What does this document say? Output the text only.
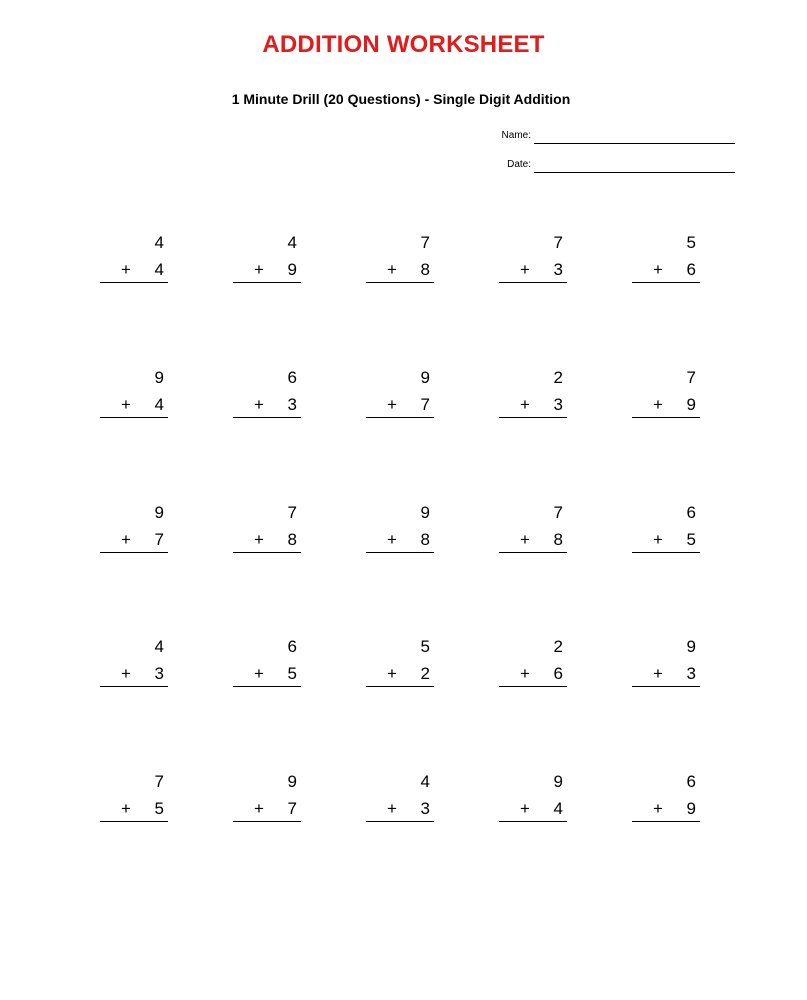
ADDITION WORKSHEET
1 Minute Drill (20 Questions) - Single Digit Addition
Name:
Date:
4
+ 4
4
+ 9
7
+ 8
7
+ 3
5
+ 6
9
+ 4
6
+ 3
9
+ 7
2
+ 3
7
+ 9
9
+ 7
7
+ 8
9
+ 8
7
+ 8
6
+ 5
4
+ 3
6
+ 5
5
+ 2
2
+ 6
9
+ 3
7
+ 5
9
+ 7
4
+ 3
9
+ 4
6
+ 9
